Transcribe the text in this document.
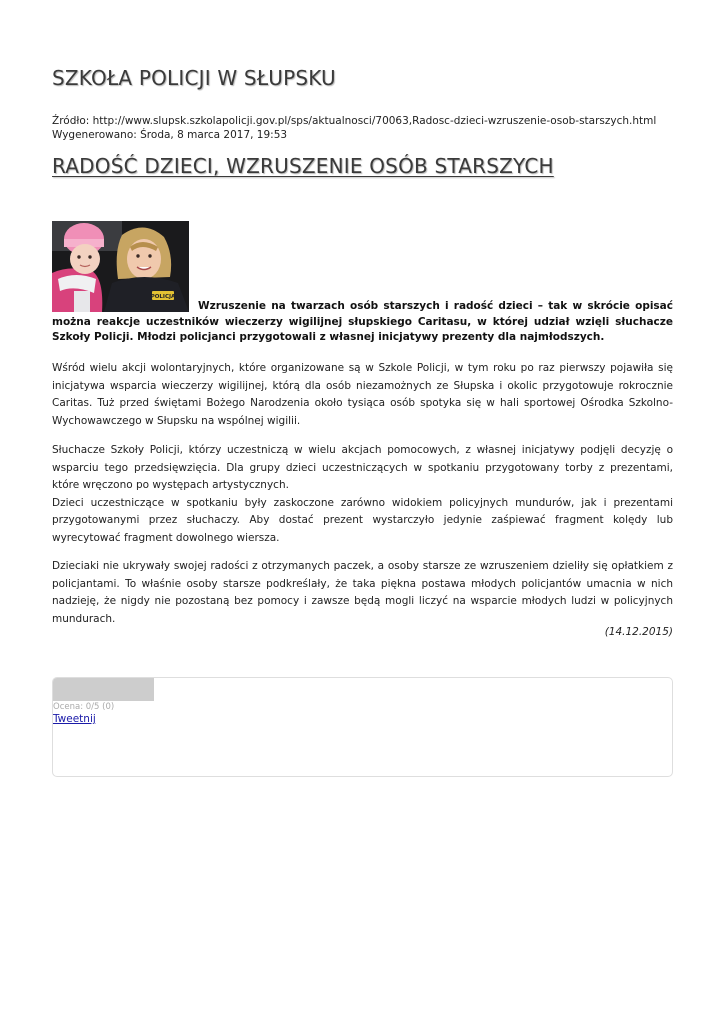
SZKOŁA POLICJI W SŁUPSKU
Źródło: http://www.slupsk.szkolapolicji.gov.pl/sps/aktualnosci/70063,Radosc-dzieci-wzruszenie-osob-starszych.html
Wygenerowano: Środa, 8 marca 2017, 19:53
RADOŚĆ DZIECI, WZRUSZENIE OSÓB STARSZYCH
POLICJA

Wzruszenie na twarzach osób starszych i radość dzieci – tak w skrócie opisać można reakcje uczestników wieczerzy wigilijnej słupskiego Caritasu, w której udział wzięli słuchacze Szkoły Policji. Młodzi policjanci przygotowali z własnej inicjatywy prezenty dla najmłodszych.

Wśród wielu akcji wolontaryjnych, które organizowane są w Szkole Policji, w tym roku po raz pierwszy pojawiła się inicjatywa wsparcia wieczerzy wigilijnej, którą dla osób niezamożnych ze Słupska i okolic przygotowuje rokrocznie Caritas. Tuż przed świętami Bożego Narodzenia około tysiąca osób spotyka się w hali sportowej Ośrodka Szkolno-Wychowawczego w Słupsku na wspólnej wigilii.

Słuchacze Szkoły Policji, którzy uczestniczą w wielu akcjach pomocowych, z własnej inicjatywy podjęli decyzję o wsparciu tego przedsięwzięcia. Dla grupy dzieci uczestniczących w spotkaniu przygotowany torby z prezentami, które wręczono po występach artystycznych.
Dzieci uczestniczące w spotkaniu były zaskoczone zarówno widokiem policyjnych mundurów, jak i prezentami przygotowanymi przez słuchaczy. Aby dostać prezent wystarczyło jedynie zaśpiewać fragment kolędy lub wyrecytować fragment dowolnego wiersza.

Dzieciaki nie ukrywały swojej radości z otrzymanych paczek, a osoby starsze ze wzruszeniem dzieliły się opłatkiem z policjantami. To właśnie osoby starsze podkreślały, że taka piękna postawa młodych policjantów umacnia w nich nadzieję, że nigdy nie pozostaną bez pomocy i zawsze będą mogli liczyć na wsparcie młodych ludzi w policyjnych mundurach.

(14.12.2015)
Ocena: 0/5 (0)
Tweetnij
